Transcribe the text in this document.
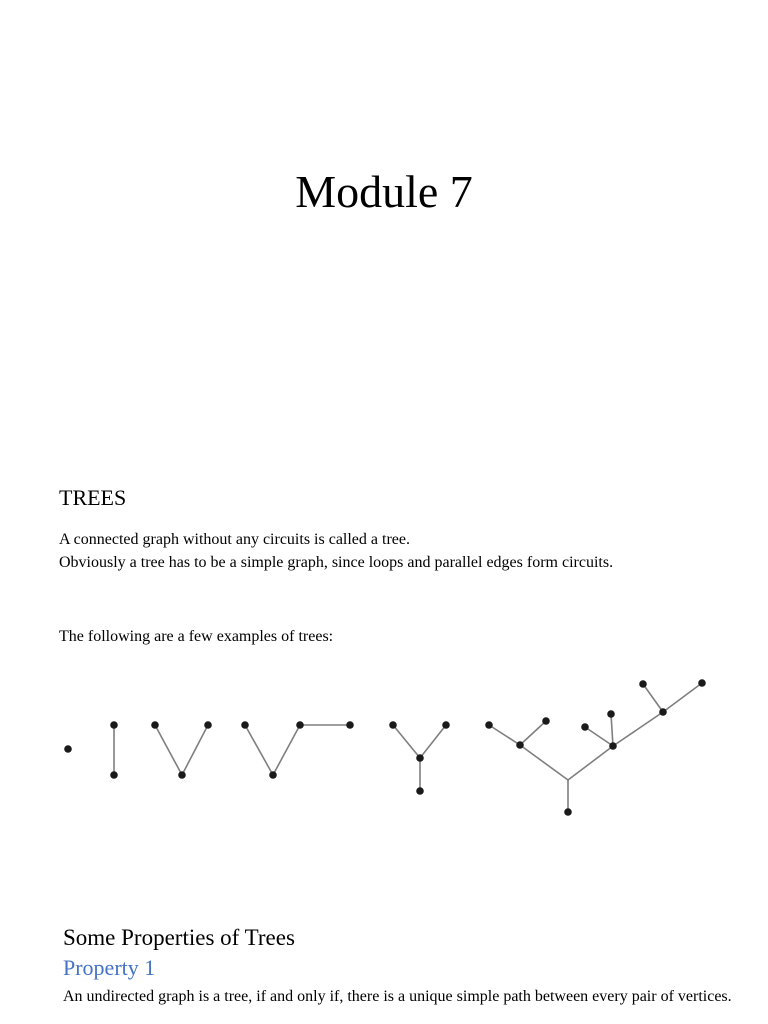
Module 7
TREES
A connected graph without any circuits is called a tree.
Obviously a tree has to be a simple graph, since loops and parallel edges form circuits.
The following are a few examples of trees:
Some Properties of Trees
Property 1
An undirected graph is a tree, if and only if, there is a unique simple path between every pair of vertices.
